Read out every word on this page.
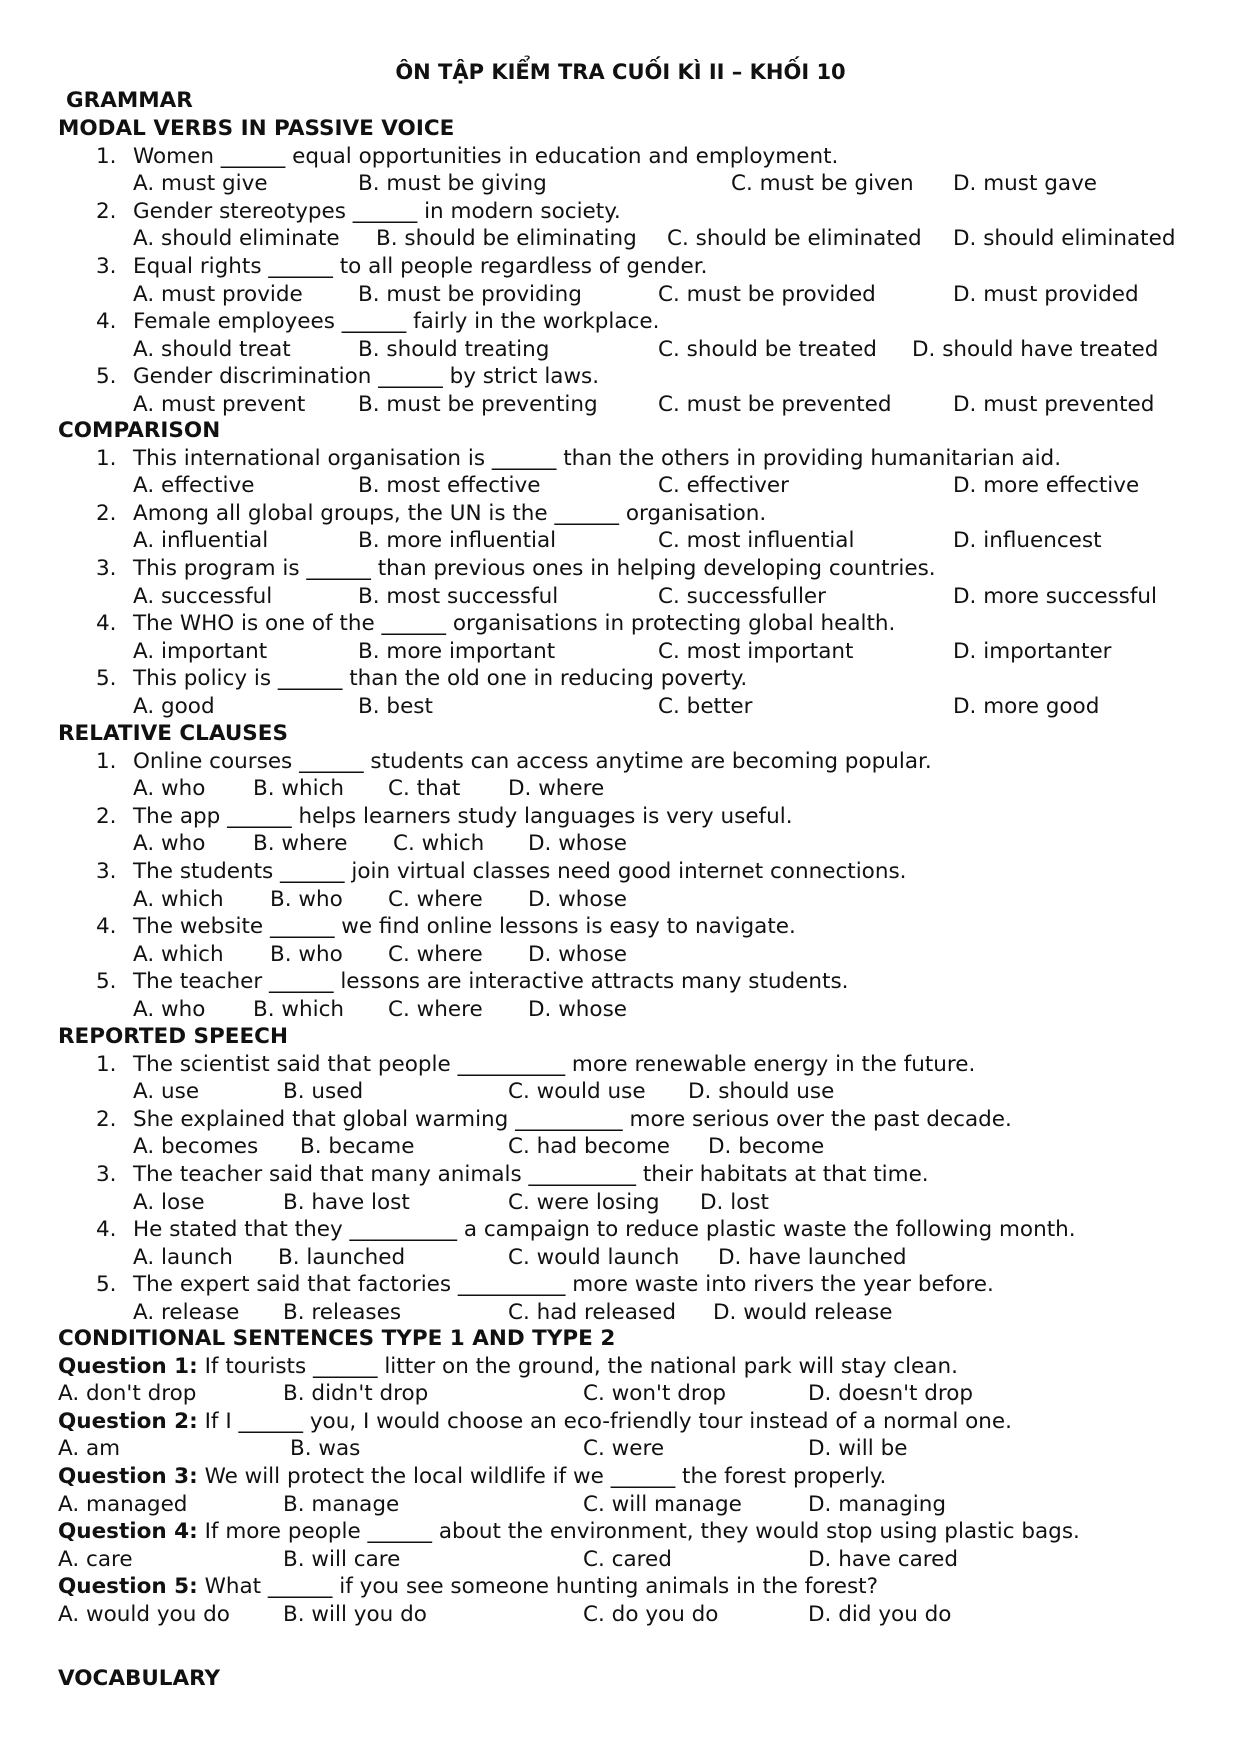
ÔN TẬP KIỂM TRA CUỐI KÌ II – KHỐI 10
GRAMMAR
MODAL VERBS IN PASSIVE VOICE
1. Women ______ equal opportunities in education and employment.
A. must give	B. must be giving	C. must be given D. must gave
2. Gender stereotypes ______ in modern society.
A. should eliminate B. should be eliminating C. should be eliminated D. should eliminated
3. Equal rights ______ to all people regardless of gender.
A. must provide	B. must be providing	C. must be provided	D. must provided
4. Female employees ______ fairly in the workplace.
A. should treat	B. should treating	C. should be treated D. should have treated
5. Gender discrimination ______ by strict laws.
A. must prevent B. must be preventing	C. must be prevented	D. must prevented
COMPARISON
1. This international organisation is ______ than the others in providing humanitarian aid.
A. effective	B. most effective	C. effectiver	D. more effective
2. Among all global groups, the UN is the ______ organisation.
A. influential	B. more influential	C. most influential	D. influencest
3. This program is ______ than previous ones in helping developing countries.
A. successful	B. most successful	C. successfuller	D. more successful
4. The WHO is one of the ______ organisations in protecting global health.
A. important	B. more important	C. most important	D. importanter
5. This policy is ______ than the old one in reducing poverty.
A. good	B. best	C. better	D. more good
RELATIVE CLAUSES
1. Online courses ______ students can access anytime are becoming popular.
A. who B. which C. that D. where
2. The app ______ helps learners study languages is very useful.
A. who B. where C. which D. whose
3. The students ______ join virtual classes need good internet connections.
A. which B. who C. where D. whose
4. The website ______ we find online lessons is easy to navigate.
A. which B. who C. where D. whose
5. The teacher ______ lessons are interactive attracts many students.
A. who B. which C. where D. whose
REPORTED SPEECH
1. The scientist said that people __________ more renewable energy in the future.
A. use	B. used	C. would use D. should use
2. She explained that global warming __________ more serious over the past decade.
A. becomes B. became	C. had become D. become
3. The teacher said that many animals __________ their habitats at that time.
A. lose	B. have lost	C. were losing D. lost
4. He stated that they __________ a campaign to reduce plastic waste the following month.
A. launch B. launched	C. would launch D. have launched
5. The expert said that factories __________ more waste into rivers the year before.
A. release B. releases	C. had released D. would release
CONDITIONAL SENTENCES TYPE 1 AND TYPE 2
Question 1: If tourists ______ litter on the ground, the national park will stay clean.
A. don't drop	B. didn't drop	C. won't drop	D. doesn't drop
Question 2: If I ______ you, I would choose an eco-friendly tour instead of a normal one.
A. am	B. was	C. were	D. will be
Question 3: We will protect the local wildlife if we ______ the forest properly.
A. managed	B. manage	C. will manage	D. managing
Question 4: If more people ______ about the environment, they would stop using plastic bags.
A. care	B. will care	C. cared	D. have cared
Question 5: What ______ if you see someone hunting animals in the forest?
A. would you do B. will you do	C. do you do	D. did you do
VOCABULARY
